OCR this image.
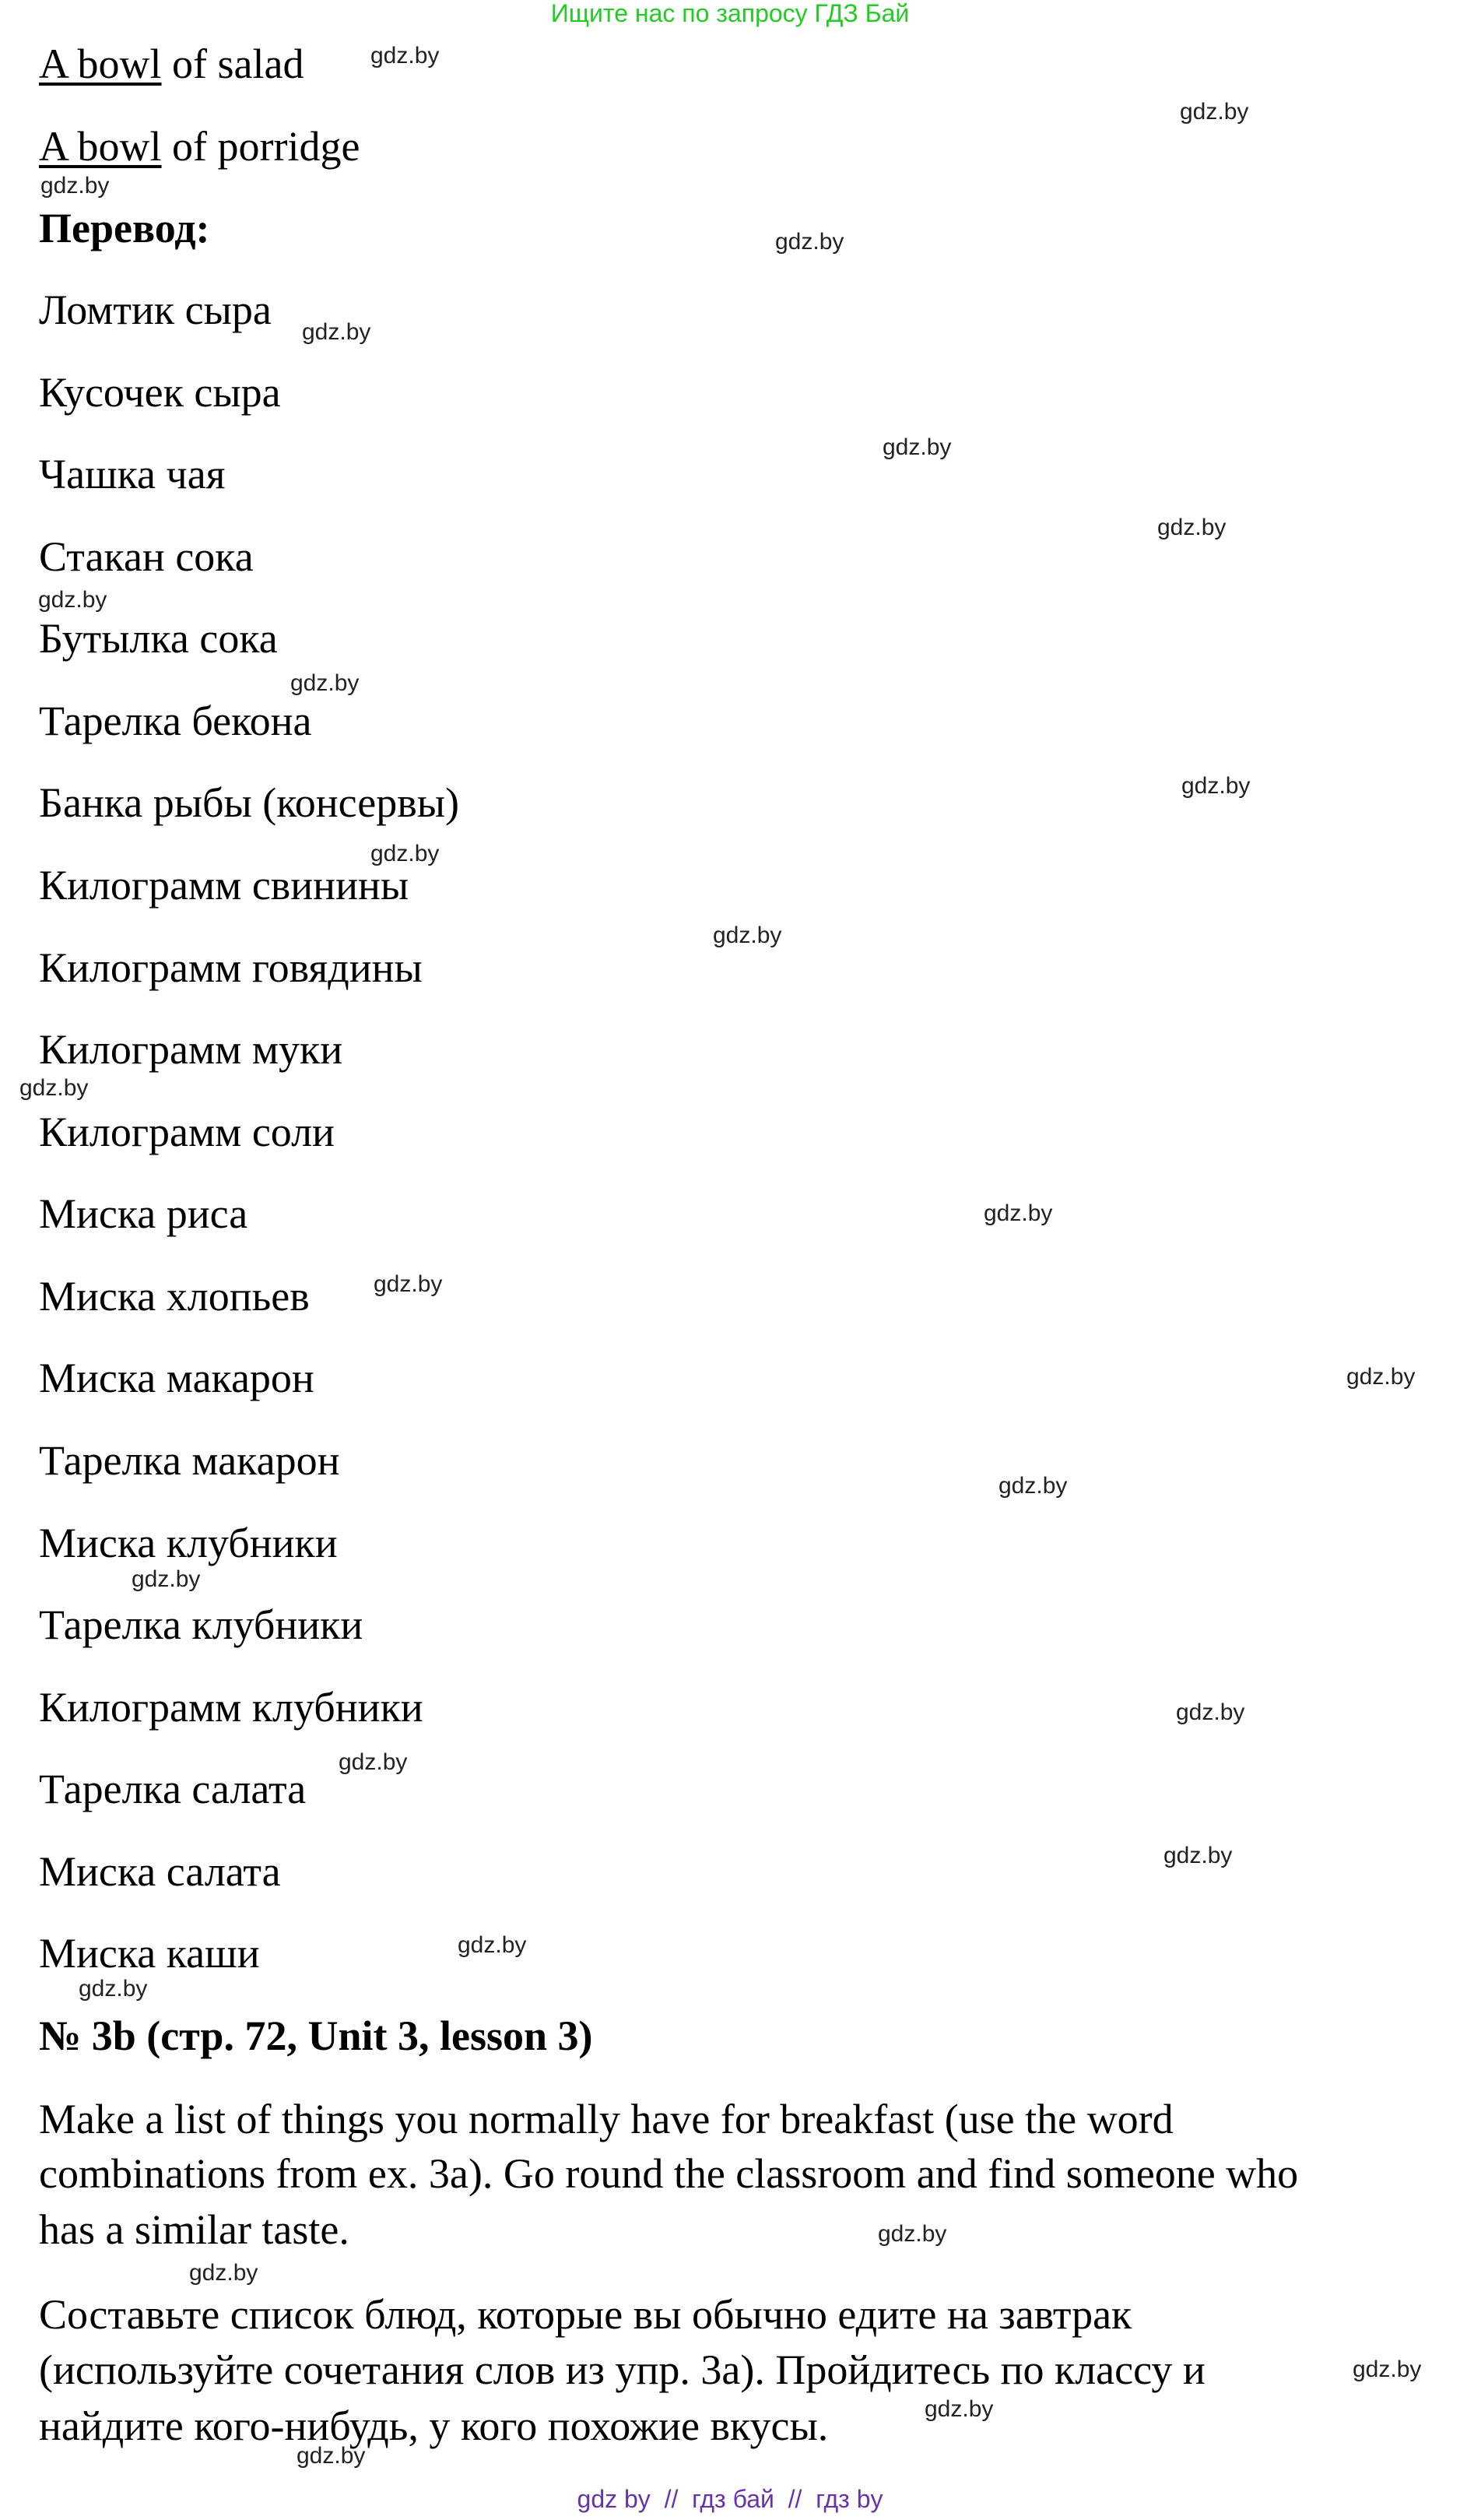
Ищите нас по запросу ГДЗ Бай
A bowl of salad
A bowl of porridge
Перевод:
Ломтик сыра
Кусочек сыра
Чашка чая
Стакан сока
Бутылка сока
Тарелка бекона
Банка рыбы (консервы)
Килограмм свинины
Килограмм говядины
Килограмм муки
Килограмм соли
Миска риса
Миска хлопьев
Миска макарон
Тарелка макарон
Миска клубники
Тарелка клубники
Килограмм клубники
Тарелка салата
Миска салата
Миска каши
№ 3b (стр. 72, Unit 3, lesson 3)
Make a list of things you normally have for breakfast (use the word
combinations from ex. 3a). Go round the classroom and find someone who
has a similar taste.
Составьте список блюд, которые вы обычно едите на завтрак
(используйте сочетания слов из упр. 3а). Пройдитесь по классу и
найдите кого-нибудь, у кого похожие вкусы.
gdz by  //  гдз бай  //  гдз by
gdz.by
gdz.by
gdz.by
gdz.by
gdz.by
gdz.by
gdz.by
gdz.by
gdz.by
gdz.by
gdz.by
gdz.by
gdz.by
gdz.by
gdz.by
gdz.by
gdz.by
gdz.by
gdz.by
gdz.by
gdz.by
gdz.by
gdz.by
gdz.by
gdz.by
gdz.by
gdz.by
gdz.by
